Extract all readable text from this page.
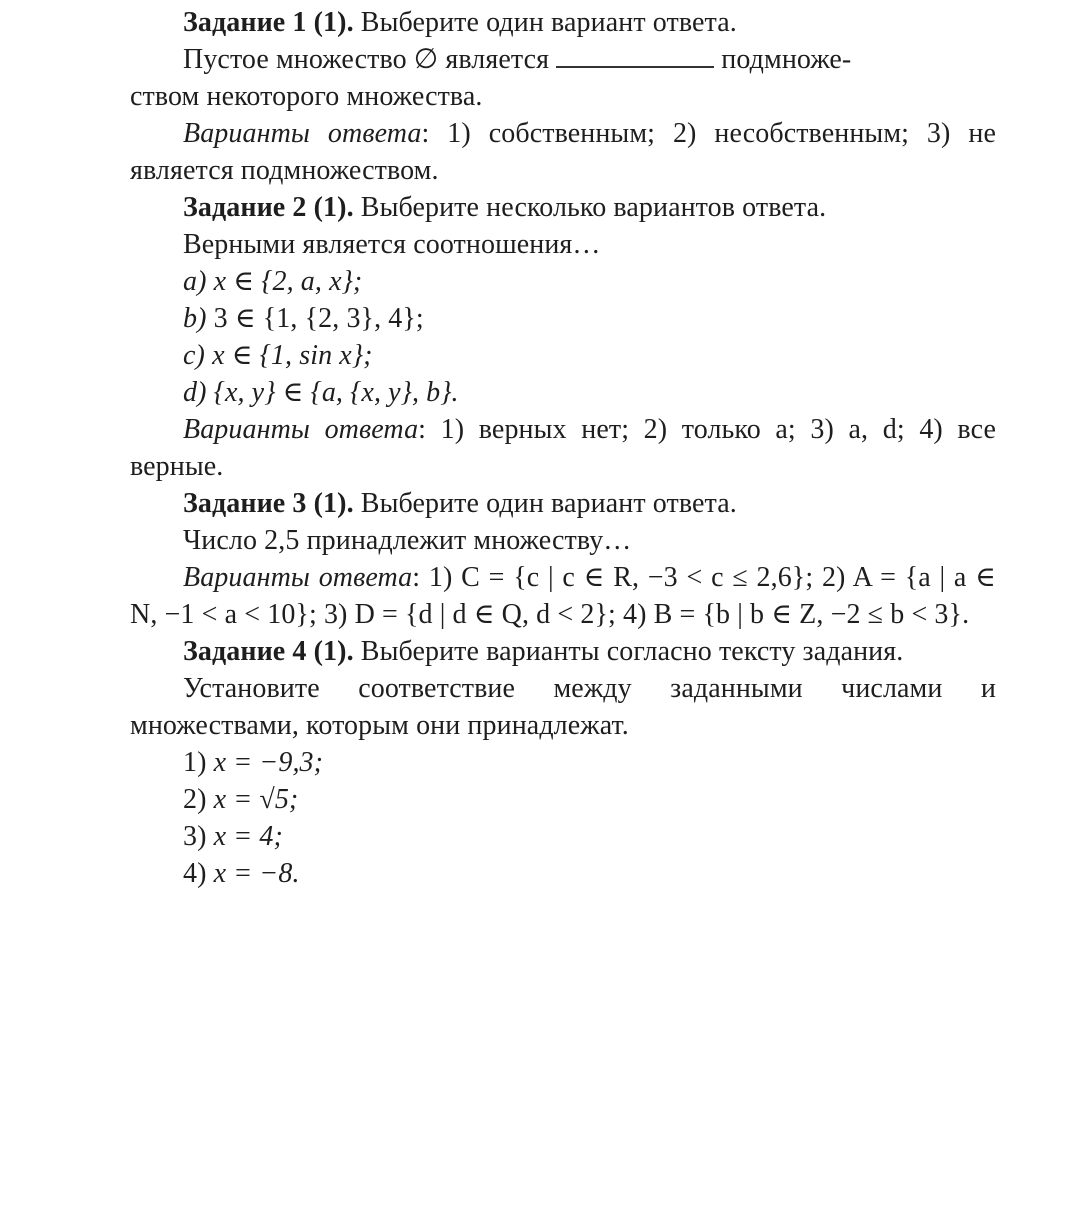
Задание 1 (1). Выберите один вариант ответа.

Пустое множество ∅ является	подмноже-
ством некоторого множества.

Варианты ответа: 1) собственным; 2) несобственным; 3) не является подмножеством.

Задание 2 (1). Выберите несколько вариантов ответа.

Верными является соотношения…

a) x ∈ {2, a, x};

b) 3 ∈ {1, {2, 3}, 4};

c) x ∈ {1, sin x};

d) {x, y} ∈ {a, {x, y}, b}.

Варианты ответа: 1) верных нет; 2) только a; 3) a, d; 4) все верные.

Задание 3 (1). Выберите один вариант ответа.

Число 2,5 принадлежит множеству…

Варианты ответа: 1) C = {c | c ∈ R, −3 < c ≤ 2,6}; 2) A = {a | a ∈ N, −1 < a < 10}; 3) D = {d | d ∈ Q, d < 2}; 4) B = {b | b ∈ Z, −2 ≤ b < 3}.

Задание 4 (1). Выберите варианты согласно тексту задания.

Установите соответствие между заданными числами и множествами, которым они принадлежат.

1) x = −9,3;

2) x = √5;

3) x = 4;

4) x = −8.
